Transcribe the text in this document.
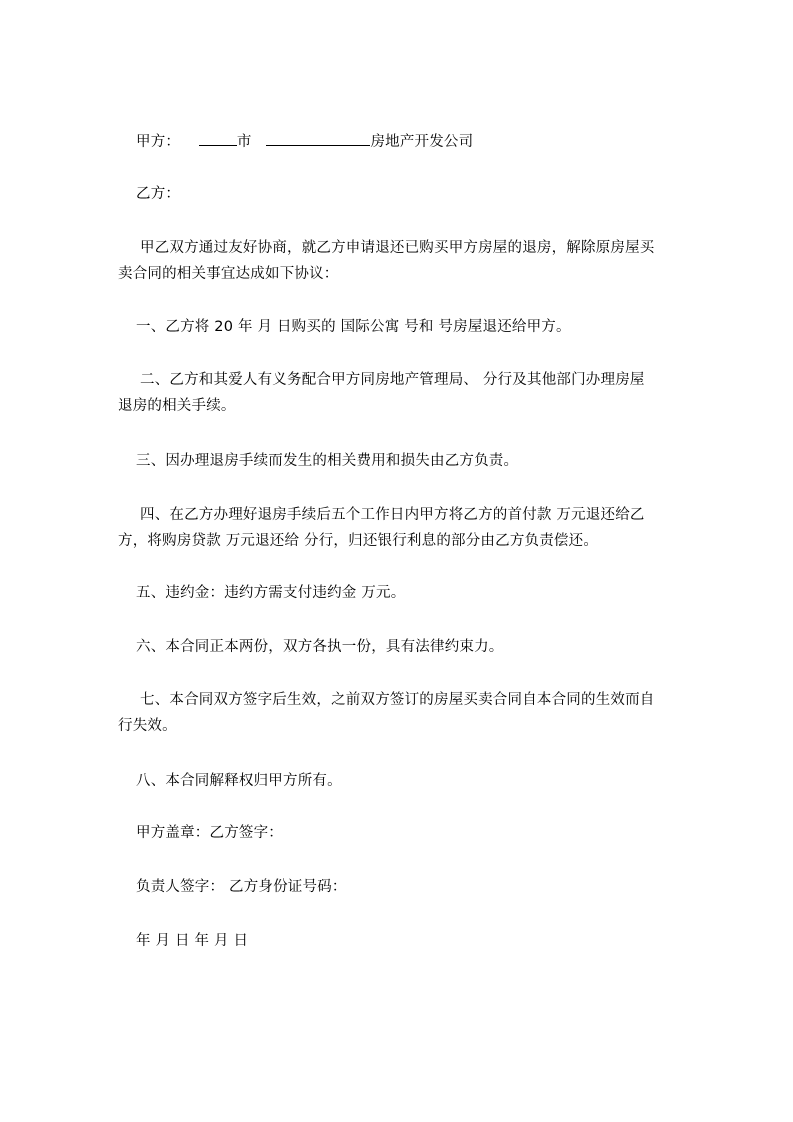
甲方：	市	房地产开发公司
乙方：
甲乙双方通过友好协商，就乙方申请退还已购买甲方房屋的退房，解除原房屋买
卖合同的相关事宜达成如下协议：
一、乙方将 20 年 月 日购买的 国际公寓 号和 号房屋退还给甲方。
二、乙方和其爱人有义务配合甲方同房地产管理局、 分行及其他部门办理房屋
退房的相关手续。
三、因办理退房手续而发生的相关费用和损失由乙方负责。
四、在乙方办理好退房手续后五个工作日内甲方将乙方的首付款 万元退还给乙
方，将购房贷款 万元退还给 分行，归还银行利息的部分由乙方负责偿还。
五、违约金：违约方需支付违约金 万元。
六、本合同正本两份，双方各执一份，具有法律约束力。
七、本合同双方签字后生效，之前双方签订的房屋买卖合同自本合同的生效而自
行失效。
八、本合同解释权归甲方所有。
甲方盖章：乙方签字：
负责人签字： 乙方身份证号码：
年 月 日 年 月 日
